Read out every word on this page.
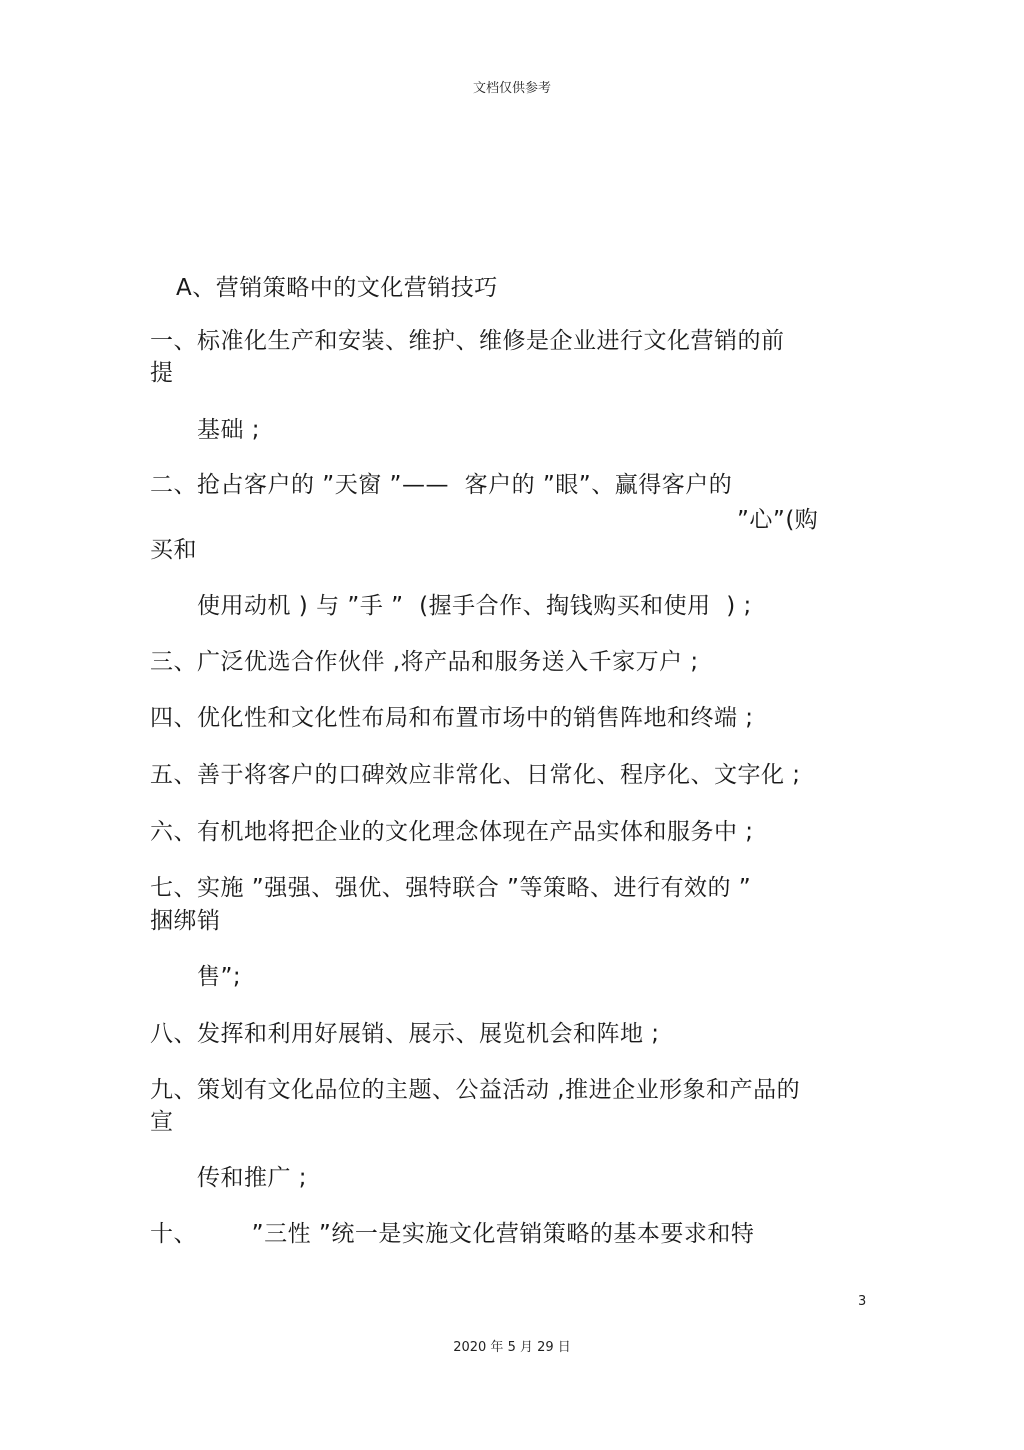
文档仅供参考
A、营销策略中的文化营销技巧
一、标准化生产和安装、维护、维修是企业进行文化营销的前
提
基础 ;
二、抢占客户的 ”天窗 ”——  客户的 ”眼”、赢得客户的
”心”(购
买和
使用动机 ) 与 ”手 ”  (握手合作、掏钱购买和使用  ) ;
三、广泛优选合作伙伴 ,将产品和服务送入千家万户 ;
四、优化性和文化性布局和布置市场中的销售阵地和终端 ;
五、善于将客户的口碑效应非常化、日常化、程序化、文字化 ;
六、有机地将把企业的文化理念体现在产品实体和服务中 ;
七、实施 ”强强、强优、强特联合 ”等策略、进行有效的 ”
捆绑销
售”;
八、发挥和利用好展销、展示、展览机会和阵地 ;
九、策划有文化品位的主题、公益活动 ,推进企业形象和产品的
宣
传和推广 ;
十、       ”三性 ”统一是实施文化营销策略的基本要求和特
3
2020 年 5 月 29 日
